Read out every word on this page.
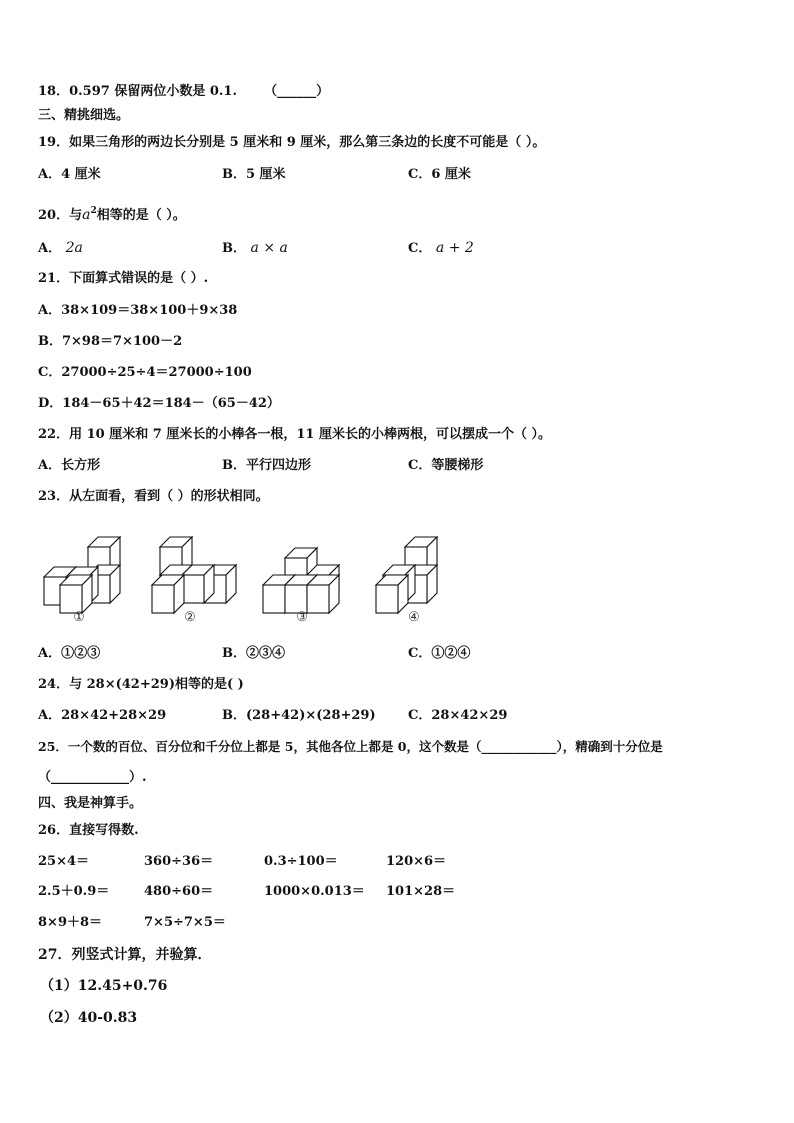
18．0.597 保留两位小数是 0.1. （______）
三、精挑细选。
19．如果三角形的两边长分别是 5 厘米和 9 厘米，那么第三条边的长度不可能是（ ）。
A．4 厘米	B．5 厘米	C．6 厘米
20．与$a^2$相等的是（ ）。
A． 2a	B． a × a	C． a + 2
21．下面算式错误的是（ ）.
A．38×109＝38×100＋9×38
B．7×98＝7×100－2
C．27000÷25÷4＝27000÷100
D．184－65＋42＝184－（65－42）
22．用 10 厘米和 7 厘米长的小棒各一根，11 厘米长的小棒两根，可以摆成一个（ ）。
A．长方形	B．平行四边形	C．等腰梯形
23．从左面看，看到（ ）的形状相同。
①	②	③	④
A．①②③	B．②③④	C．①②④
24．与 28×(42+29)相等的是( )
A．28×42+28×29	B．(28+42)×(28+29) C．28×42×29
25．一个数的百位、百分位和千分位上都是 5，其他各位上都是 0，这个数是（____________），精确到十分位是
（____________）.
四、我是神算手。
26．直接写得数.
25×4＝	360÷36＝	0.3÷100＝	120×6＝
2.5＋0.9＝	480÷60＝	1000×0.013＝ 101×28＝
8×9＋8＝	7×5÷7×5＝
27．列竖式计算，并验算．
（1）12.45+0.76
（2）40-0.83
